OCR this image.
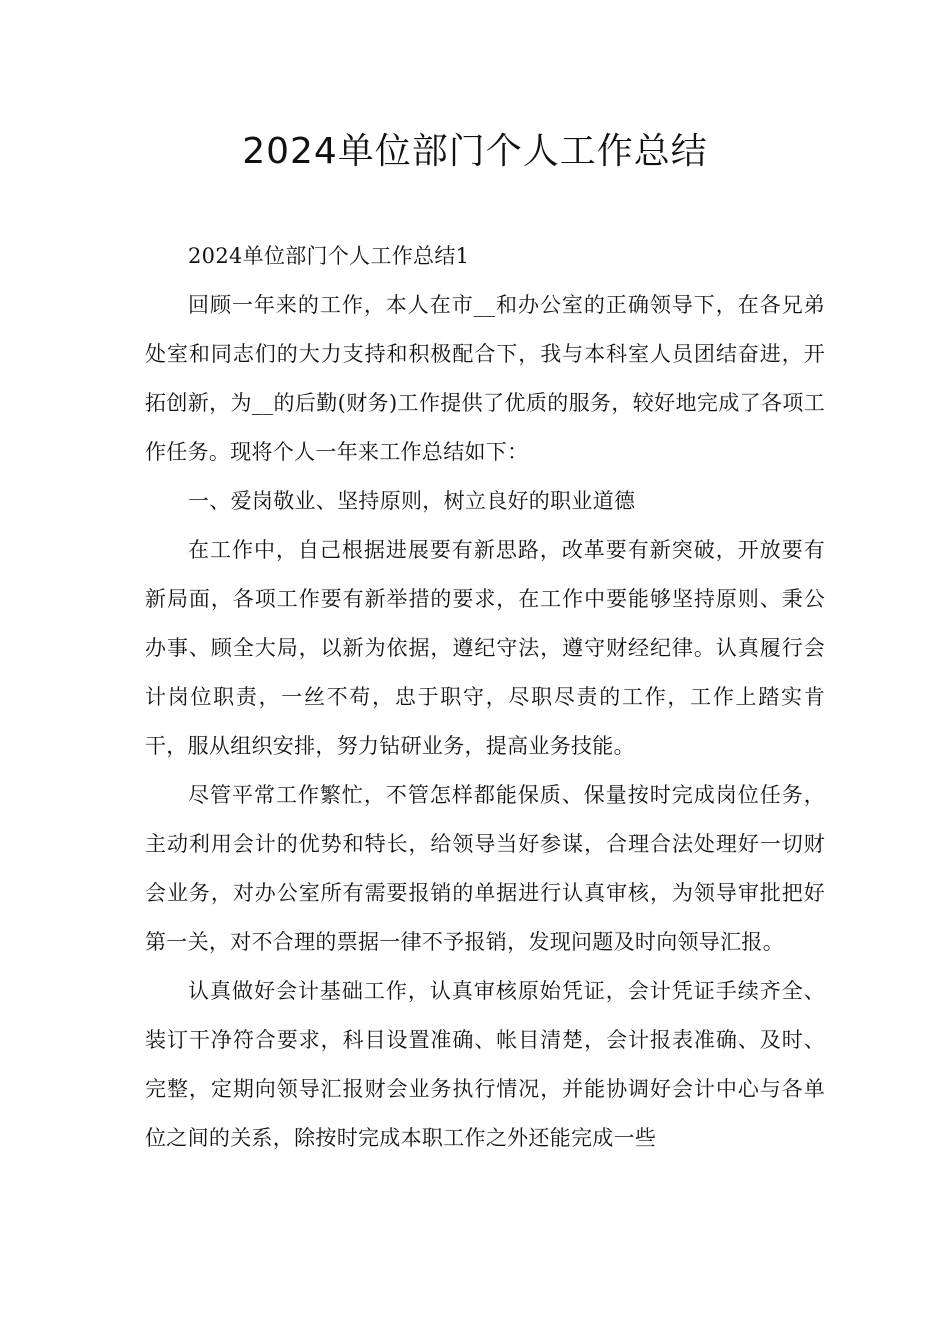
2024单位部门个人工作总结

2024单位部门个人工作总结1

回顾一年来的工作，本人在市__和办公室的正确领导下，在各兄弟处室和同志们的大力支持和积极配合下，我与本科室人员团结奋进，开拓创新，为__的后勤(财务)工作提供了优质的服务，较好地完成了各项工作任务。现将个人一年来工作总结如下：

一、爱岗敬业、坚持原则，树立良好的职业道德

在工作中，自己根据进展要有新思路，改革要有新突破，开放要有新局面，各项工作要有新举措的要求，在工作中要能够坚持原则、秉公办事、顾全大局，以新为依据，遵纪守法，遵守财经纪律。认真履行会计岗位职责，一丝不苟，忠于职守，尽职尽责的工作，工作上踏实肯干，服从组织安排，努力钻研业务，提高业务技能。

尽管平常工作繁忙，不管怎样都能保质、保量按时完成岗位任务，主动利用会计的优势和特长，给领导当好参谋，合理合法处理好一切财会业务，对办公室所有需要报销的单据进行认真审核，为领导审批把好第一关，对不合理的票据一律不予报销，发现问题及时向领导汇报。

认真做好会计基础工作，认真审核原始凭证，会计凭证手续齐全、装订干净符合要求，科目设置准确、帐目清楚，会计报表准确、及时、完整，定期向领导汇报财会业务执行情况，并能协调好会计中心与各单位之间的关系，除按时完成本职工作之外还能完成一些
